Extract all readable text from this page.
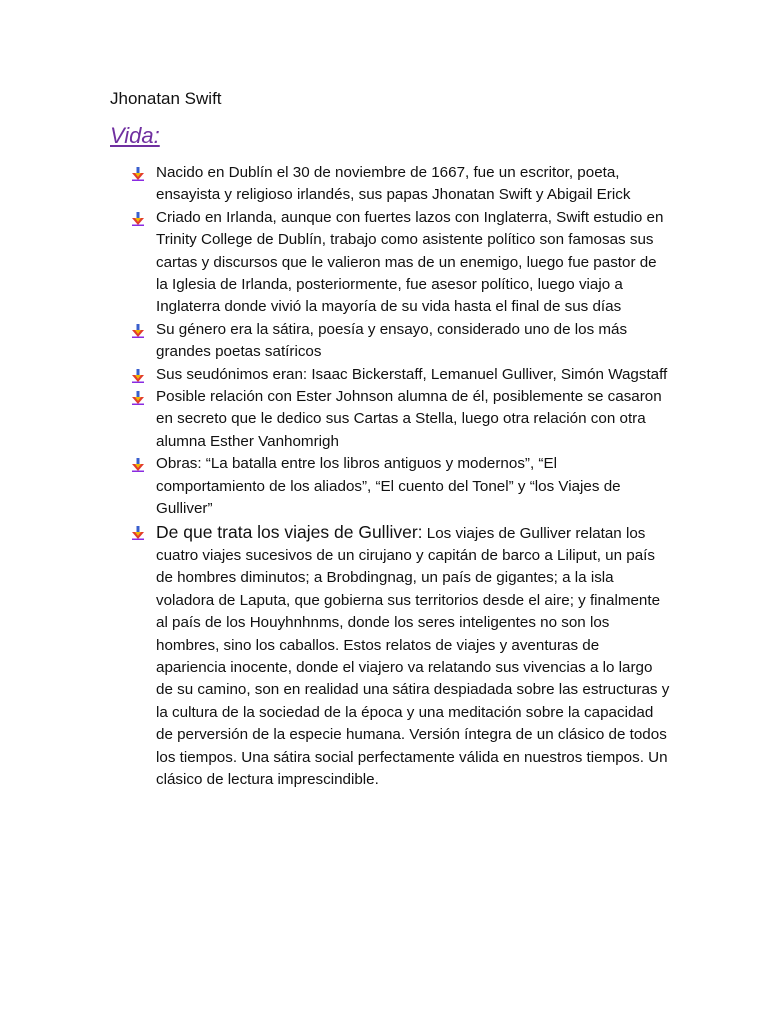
Jhonatan Swift
Vida:
Nacido en Dublín el 30 de noviembre de 1667, fue un escritor, poeta, ensayista y religioso irlandés, sus papas Jhonatan Swift y Abigail Erick
Criado en Irlanda, aunque con fuertes lazos con Inglaterra, Swift estudio en Trinity College de Dublín, trabajo como asistente político son famosas sus cartas y discursos que le valieron mas de un enemigo, luego fue pastor de la Iglesia de Irlanda, posteriormente, fue asesor político, luego viajo a Inglaterra donde vivió la mayoría de su vida hasta el final de sus días
Su género era la sátira, poesía y ensayo, considerado uno de los más grandes poetas satíricos
Sus seudónimos eran: Isaac Bickerstaff, Lemanuel Gulliver, Simón Wagstaff
Posible relación con Ester Johnson alumna de él, posiblemente se casaron en secreto que le dedico sus Cartas a Stella, luego otra relación con otra alumna Esther Vanhomrigh
Obras: “La batalla entre los libros antiguos y modernos”, “El comportamiento de los aliados”, “El cuento del Tonel” y “los Viajes de Gulliver”
De que trata los viajes de Gulliver: Los viajes de Gulliver relatan los cuatro viajes sucesivos de un cirujano y capitán de barco a Liliput, un país de hombres diminutos; a Brobdingnag, un país de gigantes; a la isla voladora de Laputa, que gobierna sus territorios desde el aire; y finalmente al país de los Houyhnhnms, donde los seres inteligentes no son los hombres, sino los caballos. Estos relatos de viajes y aventuras de apariencia inocente, donde el viajero va relatando sus vivencias a lo largo de su camino, son en realidad una sátira despiadada sobre las estructuras y la cultura de la sociedad de la época y una meditación sobre la capacidad de perversión de la especie humana. Versión íntegra de un clásico de todos los tiempos. Una sátira social perfectamente válida en nuestros tiempos. Un clásico de lectura imprescindible.
